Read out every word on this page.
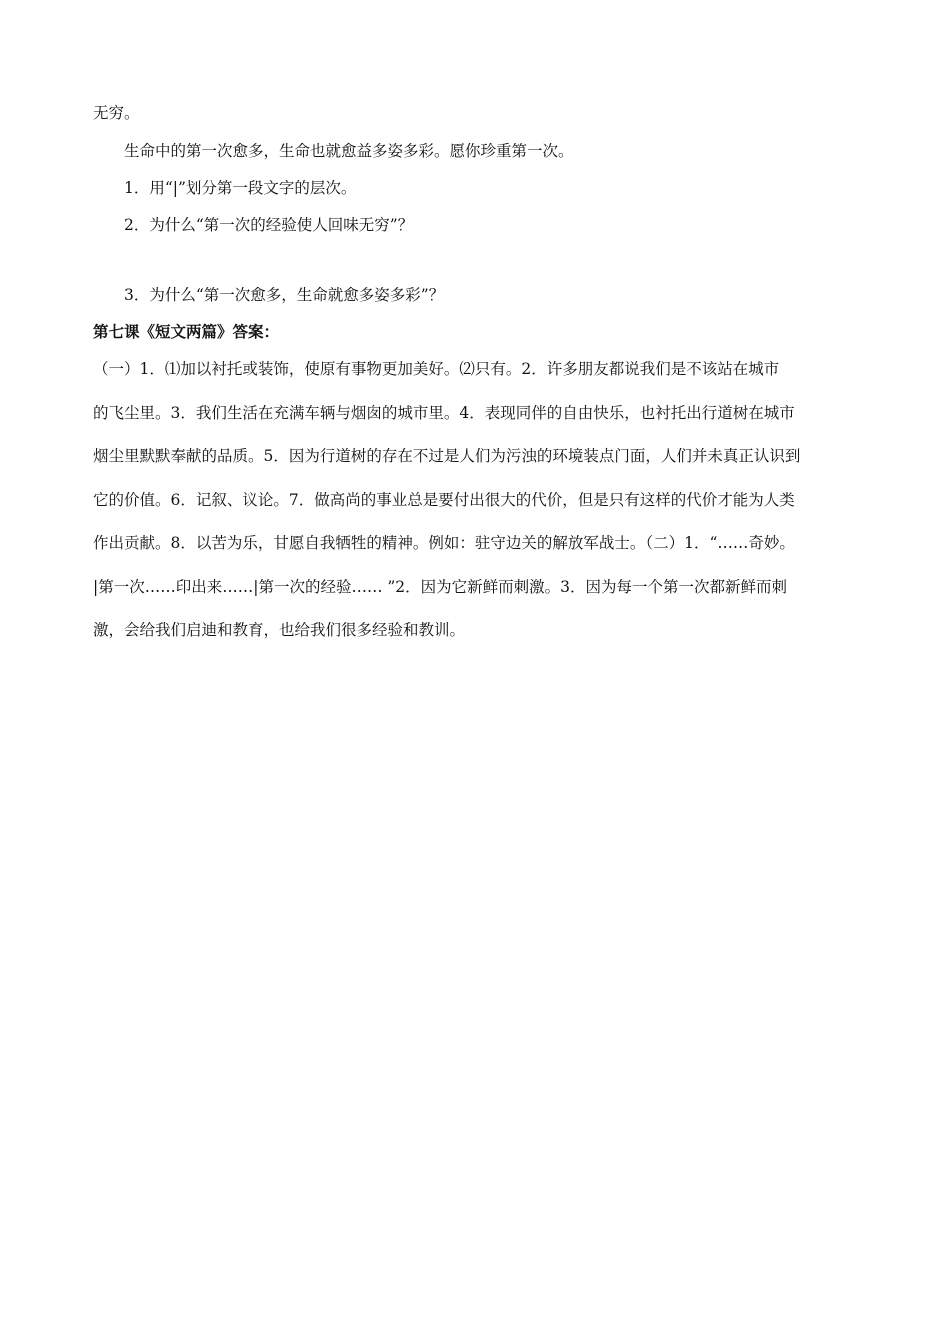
无穷。
生命中的第一次愈多，生命也就愈益多姿多彩。愿你珍重第一次。
1．用“|”划分第一段文字的层次。
2．为什么“第一次的经验使人回味无穷”？
3．为什么“第一次愈多，生命就愈多姿多彩”？
第七课《短文两篇》答案：
（一）1．⑴加以衬托或装饰，使原有事物更加美好。⑵只有。2．许多朋友都说我们是不该站在城市
的飞尘里。3．我们生活在充满车辆与烟囱的城市里。4．表现同伴的自由快乐，也衬托出行道树在城市
烟尘里默默奉献的品质。5．因为行道树的存在不过是人们为污浊的环境装点门面，人们并未真正认识到
它的价值。6．记叙、议论。7．做高尚的事业总是要付出很大的代价，但是只有这样的代价才能为人类
作出贡献。8．以苦为乐，甘愿自我牺牲的精神。例如：驻守边关的解放军战士。（二）1．“……奇妙。
|第一次……印出来……|第一次的经验…… ”2．因为它新鲜而刺激。3．因为每一个第一次都新鲜而刺
激，会给我们启迪和教育，也给我们很多经验和教训。
